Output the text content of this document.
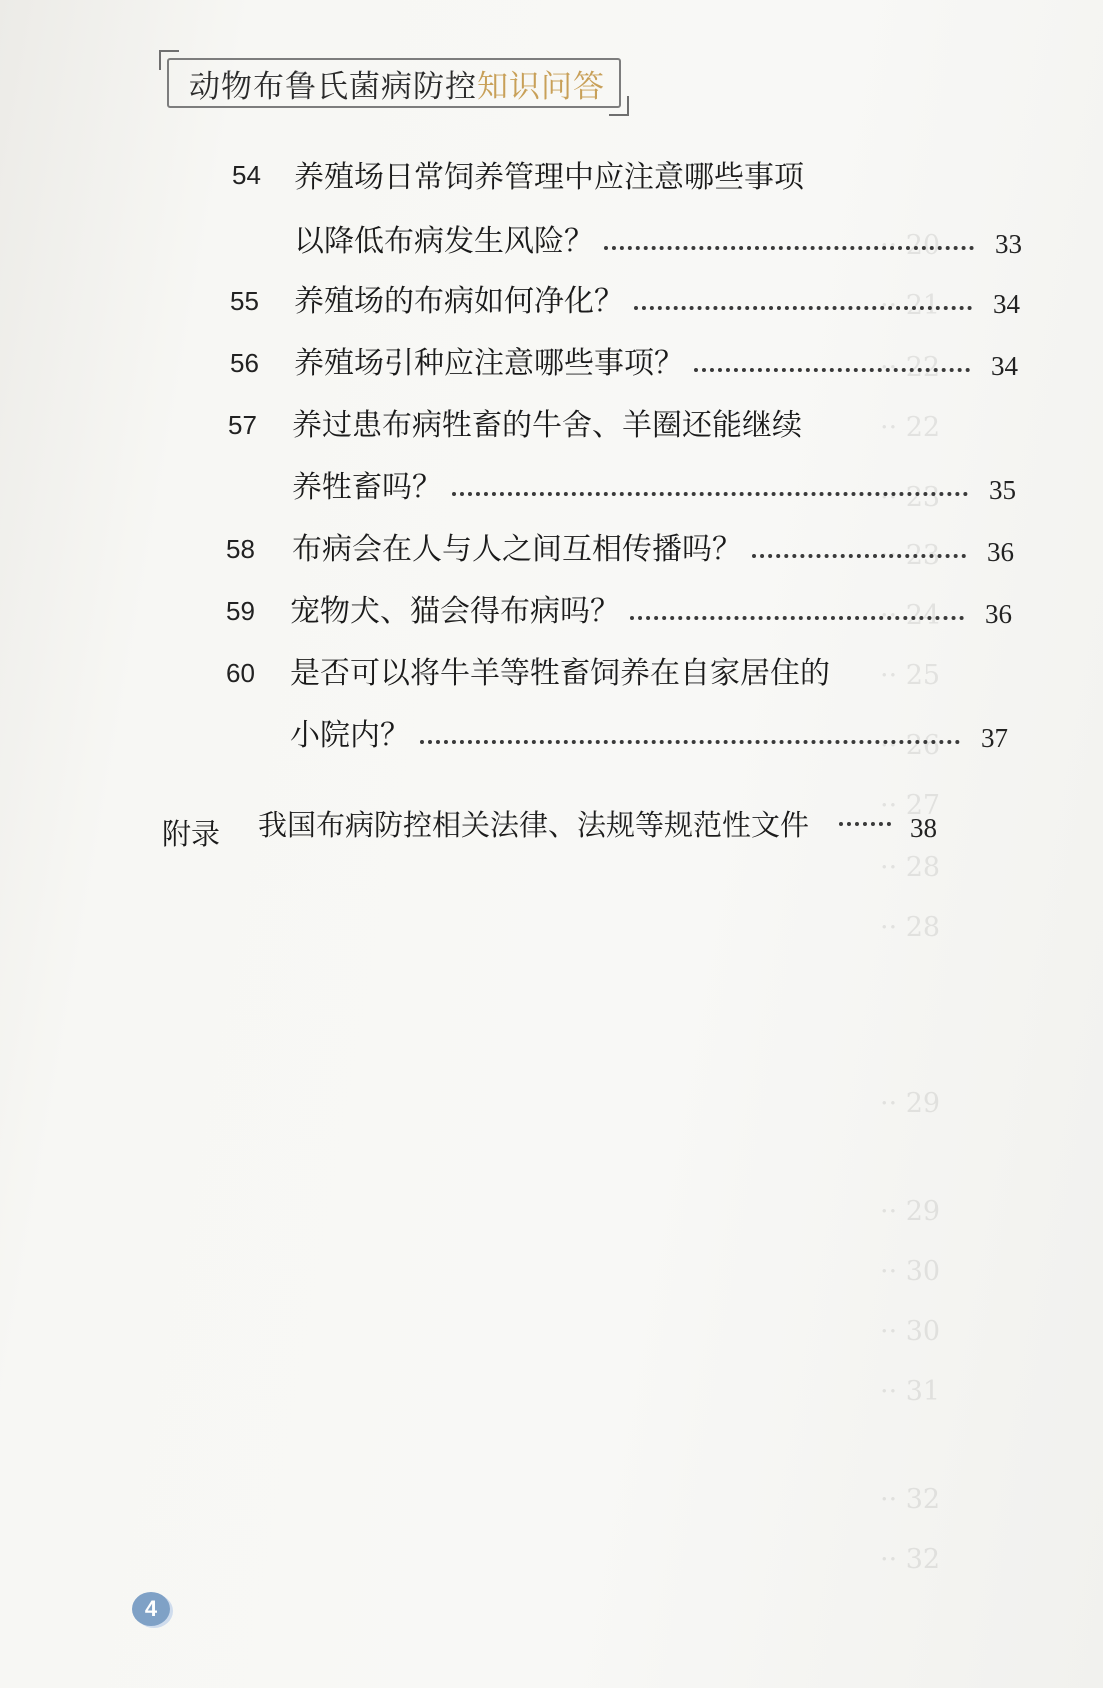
·· 20
·· 21
·· 22
·· 22
·· 23
·· 23
·· 24
·· 25
·· 26
·· 27
·· 28
·· 28
·· 29
·· 29
·· 30
·· 30
·· 31
·· 32
·· 32
动物布鲁氏菌病防控 知识问答
54 养殖场日常饲养管理中应注意哪些事项
以降低布病发生风险？	33
55 养殖场的布病如何净化？	34
56 养殖场引种应注意哪些事项？	34
57 养过患布病牲畜的牛舍、羊圈还能继续
养牲畜吗？	35
58 布病会在人与人之间互相传播吗？	36
59 宠物犬、猫会得布病吗？	36
60 是否可以将牛羊等牲畜饲养在自家居住的
小院内？	37
附录 我国布病防控相关法律、法规等规范性文件	38
4
